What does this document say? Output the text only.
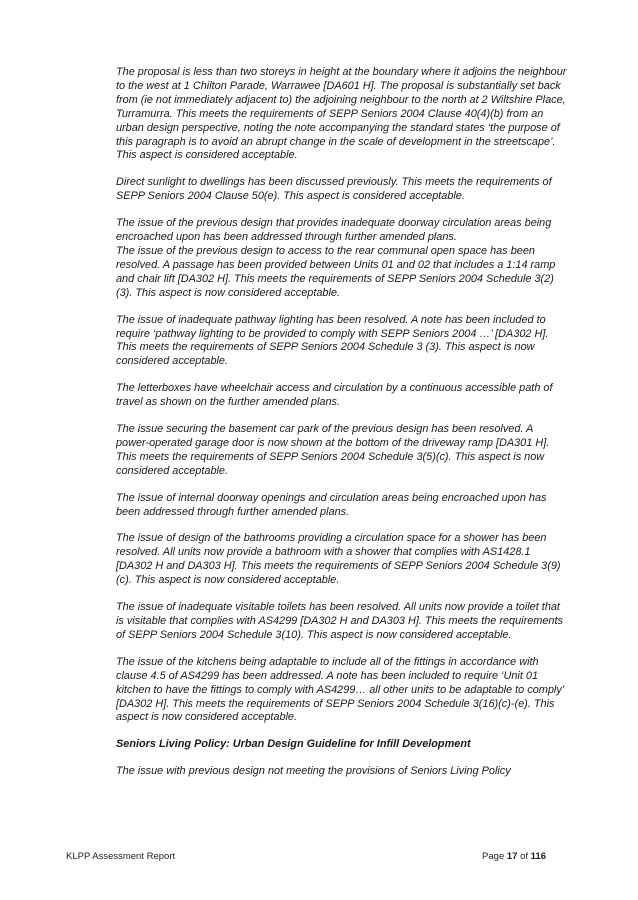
The proposal is less than two storeys in height at the boundary where it adjoins the neighbour to the west at 1 Chilton Parade, Warrawee [DA601 H]. The proposal is substantially set back from (ie not immediately adjacent to) the adjoining neighbour to the north at 2 Wiltshire Place, Turramurra. This meets the requirements of SEPP Seniors 2004 Clause 40(4)(b) from an urban design perspective, noting the note accompanying the standard states ‘the purpose of this paragraph is to avoid an abrupt change in the scale of development in the streetscape’. This aspect is considered acceptable.

Direct sunlight to dwellings has been discussed previously. This meets the requirements of SEPP Seniors 2004 Clause 50(e). This aspect is considered acceptable.

The issue of the previous design that provides inadequate doorway circulation areas being encroached upon has been addressed through further amended plans.

The issue of the previous design to access to the rear communal open space has been resolved. A passage has been provided between Units 01 and 02 that includes a 1:14 ramp and chair lift [DA302 H]. This meets the requirements of SEPP Seniors 2004 Schedule 3(2)(3). This aspect is now considered acceptable.

The issue of inadequate pathway lighting has been resolved. A note has been included to require ‘pathway lighting to be provided to comply with SEPP Seniors 2004 …’ [DA302 H]. This meets the requirements of SEPP Seniors 2004 Schedule 3 (3). This aspect is now considered acceptable.

The letterboxes have wheelchair access and circulation by a continuous accessible path of travel as shown on the further amended plans.

The issue securing the basement car park of the previous design has been resolved. A power-operated garage door is now shown at the bottom of the driveway ramp [DA301 H]. This meets the requirements of SEPP Seniors 2004 Schedule 3(5)(c). This aspect is now considered acceptable.

The issue of internal doorway openings and circulation areas being encroached upon has been addressed through further amended plans.

The issue of design of the bathrooms providing a circulation space for a shower has been resolved. All units now provide a bathroom with a shower that complies with AS1428.1 [DA302 H and DA303 H]. This meets the requirements of SEPP Seniors 2004 Schedule 3(9)(c). This aspect is now considered acceptable.

The issue of inadequate visitable toilets has been resolved. All units now provide a toilet that is visitable that complies with AS4299 [DA302 H and DA303 H]. This meets the requirements of SEPP Seniors 2004 Schedule 3(10). This aspect is now considered acceptable.

The issue of the kitchens being adaptable to include all of the fittings in accordance with clause 4.5 of AS4299 has been addressed. A note has been included to require ‘Unit 01 kitchen to have the fittings to comply with AS4299… all other units to be adaptable to comply’ [DA302 H]. This meets the requirements of SEPP Seniors 2004 Schedule 3(16)(c)-(e). This aspect is now considered acceptable.

Seniors Living Policy: Urban Design Guideline for Infill Development

The issue with previous design not meeting the provisions of Seniors Living Policy

KLPP Assessment Report	Page 17 of 116
